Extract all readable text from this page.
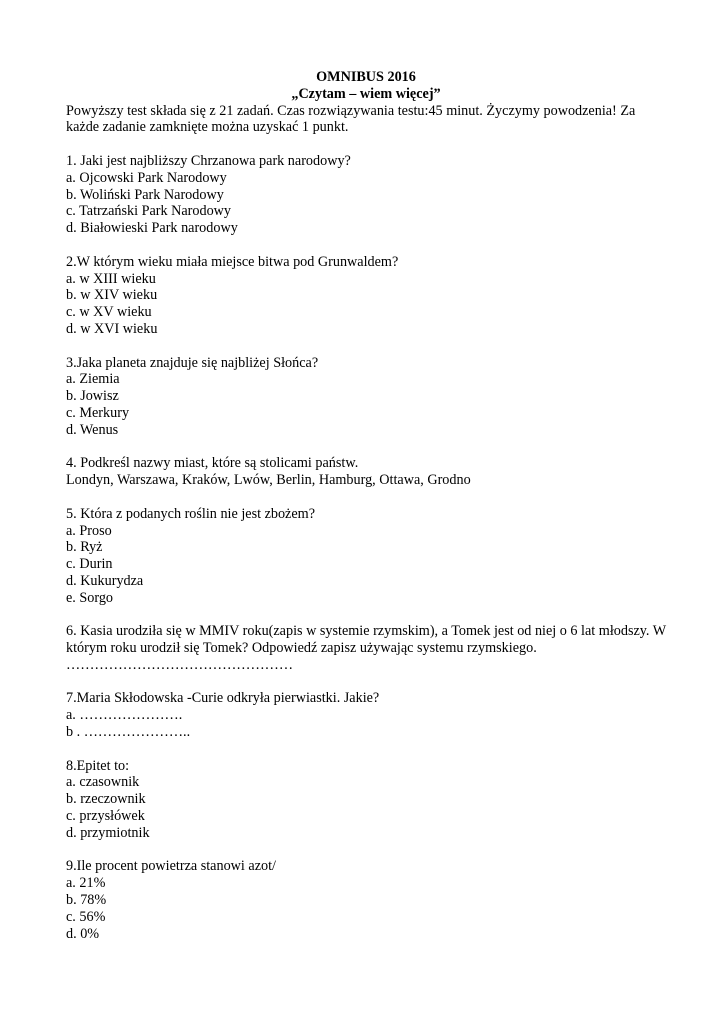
OMNIBUS 2016
„Czytam – wiem więcej”
Powyższy test składa się z 21 zadań. Czas rozwiązywania testu:45 minut. Życzymy powodzenia! Za każde zadanie zamknięte można uzyskać 1 punkt.
1. Jaki jest najbliższy Chrzanowa park narodowy?
a. Ojcowski Park Narodowy
b. Woliński Park Narodowy
c. Tatrzański Park Narodowy
d. Białowieski Park narodowy
2.W którym wieku miała miejsce bitwa pod Grunwaldem?
a. w XIII wieku
b. w XIV wieku
c. w XV wieku
d. w XVI wieku
3.Jaka planeta znajduje się najbliżej Słońca?
a. Ziemia
b. Jowisz
c. Merkury
d. Wenus
4. Podkreśl nazwy miast, które są stolicami państw.
Londyn, Warszawa, Kraków, Lwów, Berlin, Hamburg, Ottawa, Grodno
5. Która z podanych roślin nie jest zbożem?
a. Proso
b. Ryż
c. Durin
d. Kukurydza
e. Sorgo
6. Kasia urodziła się w MMIV roku(zapis w systemie rzymskim), a Tomek jest od niej o 6 lat młodszy. W którym roku urodził się Tomek? Odpowiedź zapisz używając systemu rzymskiego.
…………………………………………
7.Maria Skłodowska -Curie odkryła pierwiastki. Jakie?
a. ………………….
b . …………………..
8.Epitet to:
a. czasownik
b. rzeczownik
c. przysłówek
d. przymiotnik
9.Ile procent powietrza stanowi azot/
a. 21%
b. 78%
c. 56%
d. 0%
